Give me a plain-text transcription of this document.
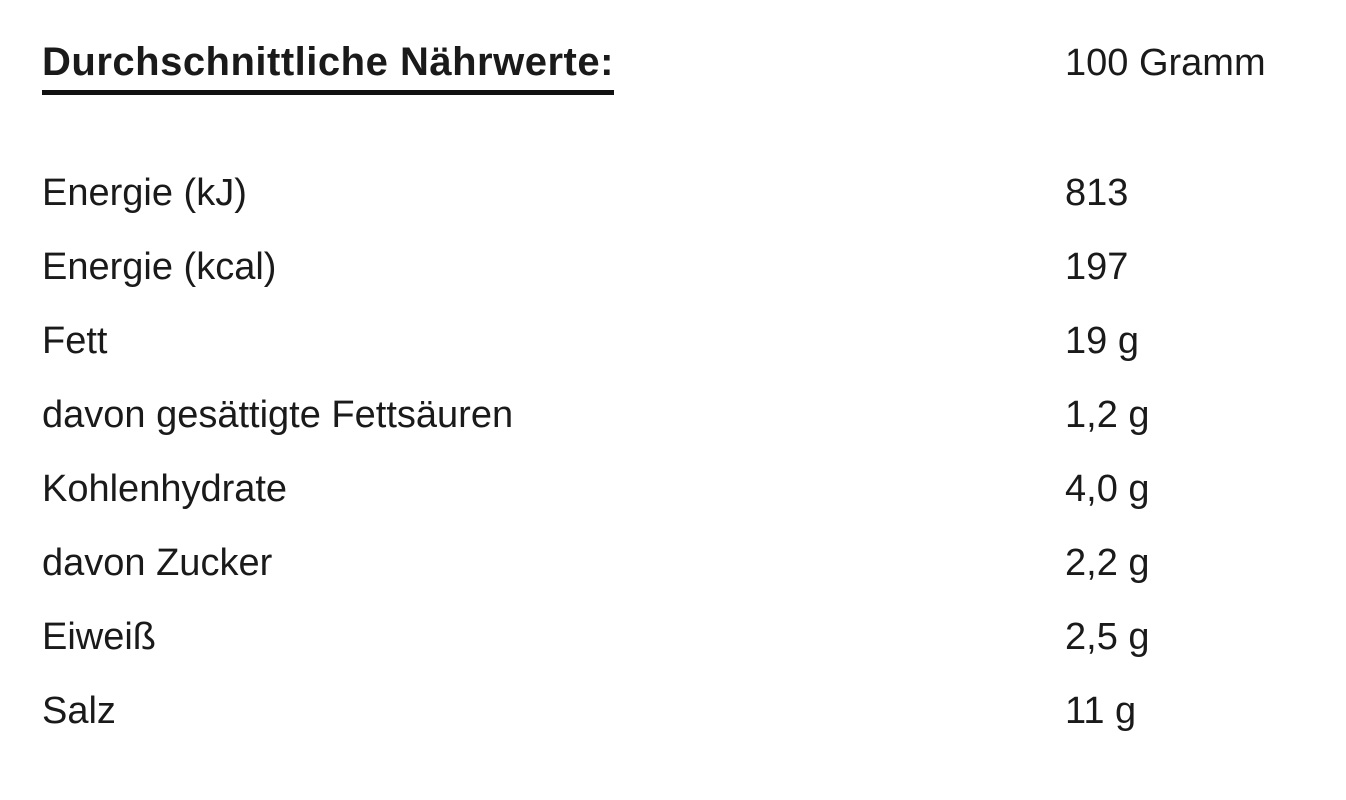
Durchschnittliche Nährwerte:	100 Gramm
Energie (kJ)	813
Energie (kcal)	197
Fett	19 g
davon gesättigte Fettsäuren	1,2 g
Kohlenhydrate	4,0 g
davon Zucker	2,2 g
Eiweiß	2,5 g
Salz	11 g
